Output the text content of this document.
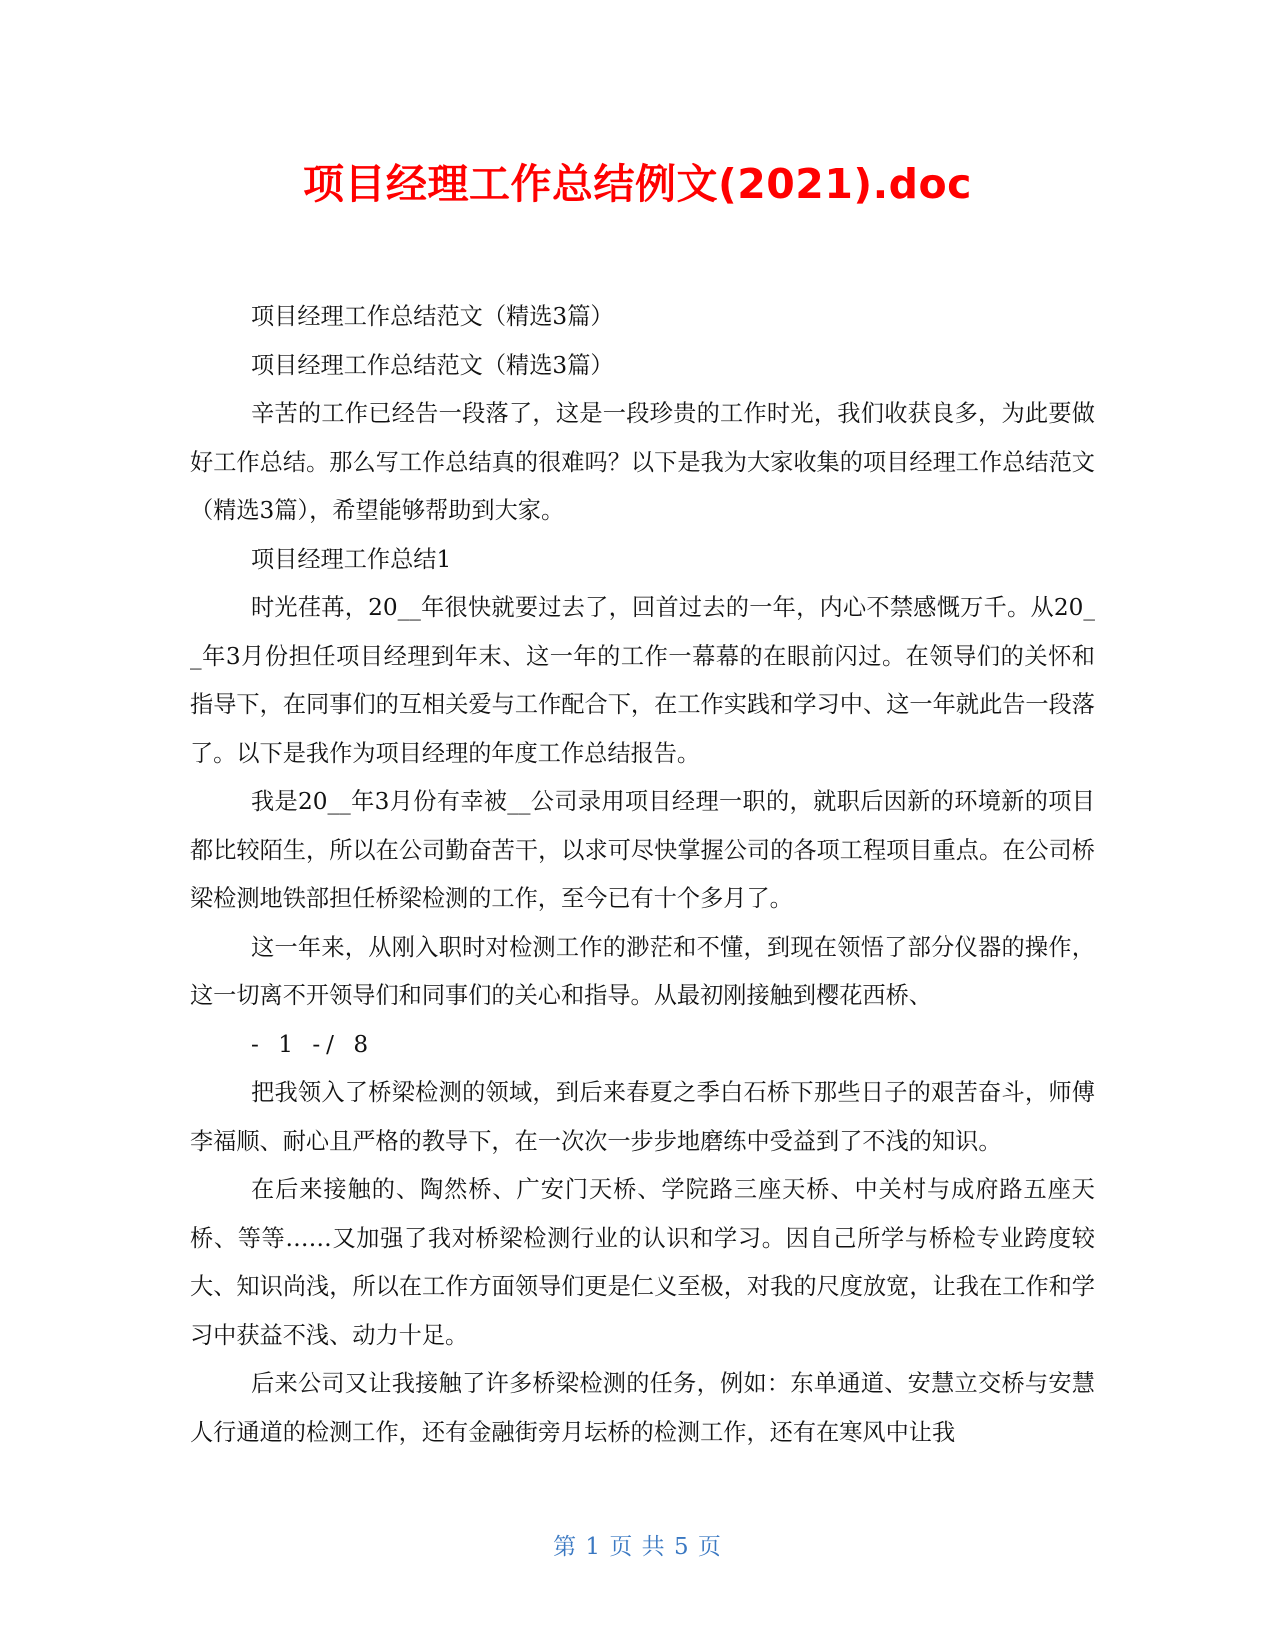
项目经理工作总结例文(2021).doc

项目经理工作总结范文（精选3篇）

项目经理工作总结范文（精选3篇）

辛苦的工作已经告一段落了，这是一段珍贵的工作时光，我们收获良多，为此要做好工作总结。那么写工作总结真的很难吗？以下是我为大家收集的项目经理工作总结范文（精选3篇），希望能够帮助到大家。

项目经理工作总结1

时光荏苒，20__年很快就要过去了，回首过去的一年，内心不禁感慨万千。从20__年3月份担任项目经理到年末、这一年的工作一幕幕的在眼前闪过。在领导们的关怀和指导下，在同事们的互相关爱与工作配合下，在工作实践和学习中、这一年就此告一段落了。以下是我作为项目经理的年度工作总结报告。

我是20__年3月份有幸被__公司录用项目经理一职的，就职后因新的环境新的项目都比较陌生，所以在公司勤奋苦干，以求可尽快掌握公司的各项工程项目重点。在公司桥梁检测地铁部担任桥梁检测的工作，至今已有十个多月了。

这一年来，从刚入职时对检测工作的渺茫和不懂，到现在领悟了部分仪器的操作，这一切离不开领导们和同事们的关心和指导。从最初刚接触到樱花西桥、

- 1 -/ 8

把我领入了桥梁检测的领域，到后来春夏之季白石桥下那些日子的艰苦奋斗，师傅李福顺、耐心且严格的教导下，在一次次一步步地磨练中受益到了不浅的知识。

在后来接触的、陶然桥、广安门天桥、学院路三座天桥、中关村与成府路五座天桥、等等……又加强了我对桥梁检测行业的认识和学习。因自己所学与桥检专业跨度较大、知识尚浅，所以在工作方面领导们更是仁义至极，对我的尺度放宽，让我在工作和学习中获益不浅、动力十足。

后来公司又让我接触了许多桥梁检测的任务，例如：东单通道、安慧立交桥与安慧人行通道的检测工作，还有金融街旁月坛桥的检测工作，还有在寒风中让我

第 1 页 共 5 页
